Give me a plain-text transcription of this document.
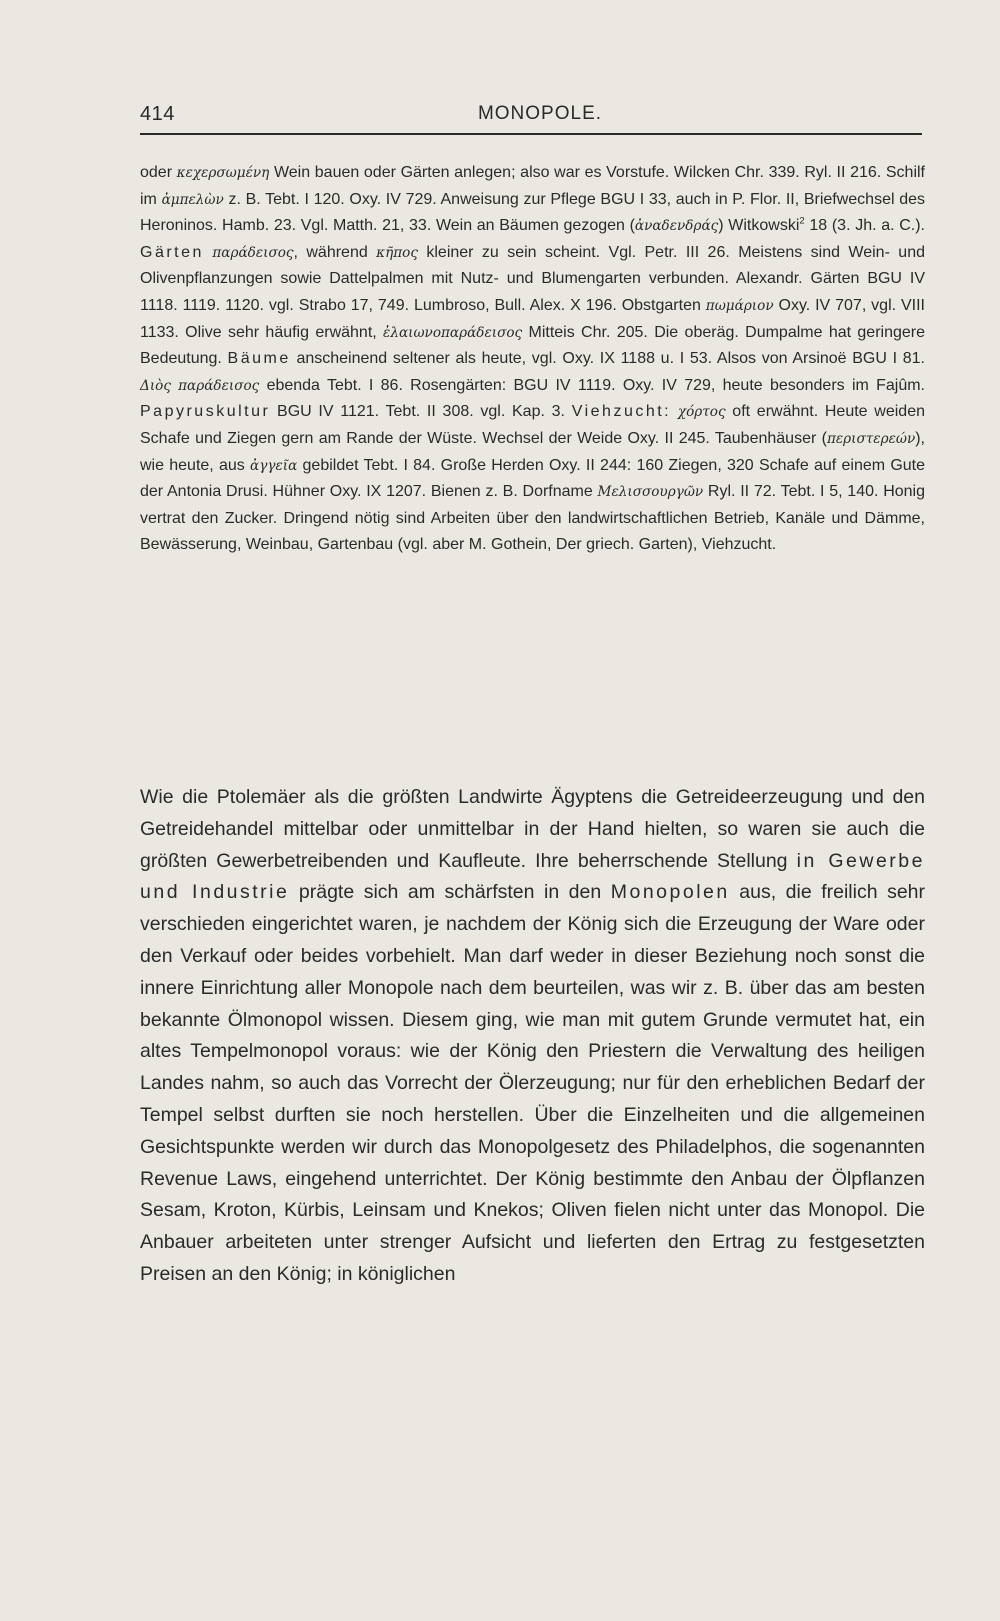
414	MONOPOLE.

oder κεχερσωμένη Wein bauen oder Gärten anlegen; also war es Vorstufe. Wilcken Chr. 339. Ryl. II 216. Schilf im ἀμπελὼν z. B. Tebt. I 120. Oxy. IV 729. Anweisung zur Pflege BGU I 33, auch in P. Flor. II, Briefwechsel des Heroninos. Hamb. 23. Vgl. Matth. 21, 33. Wein an Bäumen gezogen (ἀναδενδράς) Witkowski$^2$ 18 (3. Jh. a. C.). Gärten παράδεισος, während κῆπος kleiner zu sein scheint. Vgl. Petr. III 26. Meistens sind Wein- und Olivenpflanzungen sowie Dattelpalmen mit Nutz- und Blumengarten verbunden. Alexandr. Gärten BGU IV 1118. 1119. 1120. vgl. Strabo 17, 749. Lumbroso, Bull. Alex. X 196. Obstgarten πωμάριον Oxy. IV 707, vgl. VIII 1133. Olive sehr häufig erwähnt, ἐλαιωνοπαράδεισος Mitteis Chr. 205. Die oberäg. Dumpalme hat geringere Bedeutung. Bäume anscheinend seltener als heute, vgl. Oxy. IX 1188 u. I 53. Alsos von Arsinoë BGU I 81. Διὸς παράδεισος ebenda Tebt. I 86. Rosengärten: BGU IV 1119. Oxy. IV 729, heute besonders im Fajûm. Papyruskultur BGU IV 1121. Tebt. II 308. vgl. Kap. 3. Viehzucht: χόρτος oft erwähnt. Heute weiden Schafe und Ziegen gern am Rande der Wüste. Wechsel der Weide Oxy. II 245. Taubenhäuser (περιστερεών), wie heute, aus ἀγγεῖα gebildet Tebt. I 84. Große Herden Oxy. II 244: 160 Ziegen, 320 Schafe auf einem Gute der Antonia Drusi. Hühner Oxy. IX 1207. Bienen z. B. Dorfname Μελισσουργῶν Ryl. II 72. Tebt. I 5, 140. Honig vertrat den Zucker. Dringend nötig sind Arbeiten über den landwirtschaftlichen Betrieb, Kanäle und Dämme, Bewässerung, Weinbau, Gartenbau (vgl. aber M. Gothein, Der griech. Garten), Viehzucht.

Wie die Ptolemäer als die größten Landwirte Ägyptens die Getreideerzeugung und den Getreidehandel mittelbar oder unmittelbar in der Hand hielten, so waren sie auch die größten Gewerbetreibenden und Kaufleute. Ihre beherrschende Stellung in Gewerbe und Industrie prägte sich am schärfsten in den Monopolen aus, die freilich sehr verschieden eingerichtet waren, je nachdem der König sich die Erzeugung der Ware oder den Verkauf oder beides vorbehielt. Man darf weder in dieser Beziehung noch sonst die innere Einrichtung aller Monopole nach dem beurteilen, was wir z. B. über das am besten bekannte Ölmonopol wissen. Diesem ging, wie man mit gutem Grunde vermutet hat, ein altes Tempelmonopol voraus: wie der König den Priestern die Verwaltung des heiligen Landes nahm, so auch das Vorrecht der Ölerzeugung; nur für den erheblichen Bedarf der Tempel selbst durften sie noch herstellen. Über die Einzelheiten und die allgemeinen Gesichtspunkte werden wir durch das Monopolgesetz des Philadelphos, die sogenannten Revenue Laws, eingehend unterrichtet. Der König bestimmte den Anbau der Ölpflanzen Sesam, Kroton, Kürbis, Leinsam und Knekos; Oliven fielen nicht unter das Monopol. Die Anbauer arbeiteten unter strenger Aufsicht und lieferten den Ertrag zu festgesetzten Preisen an den König; in königlichen
